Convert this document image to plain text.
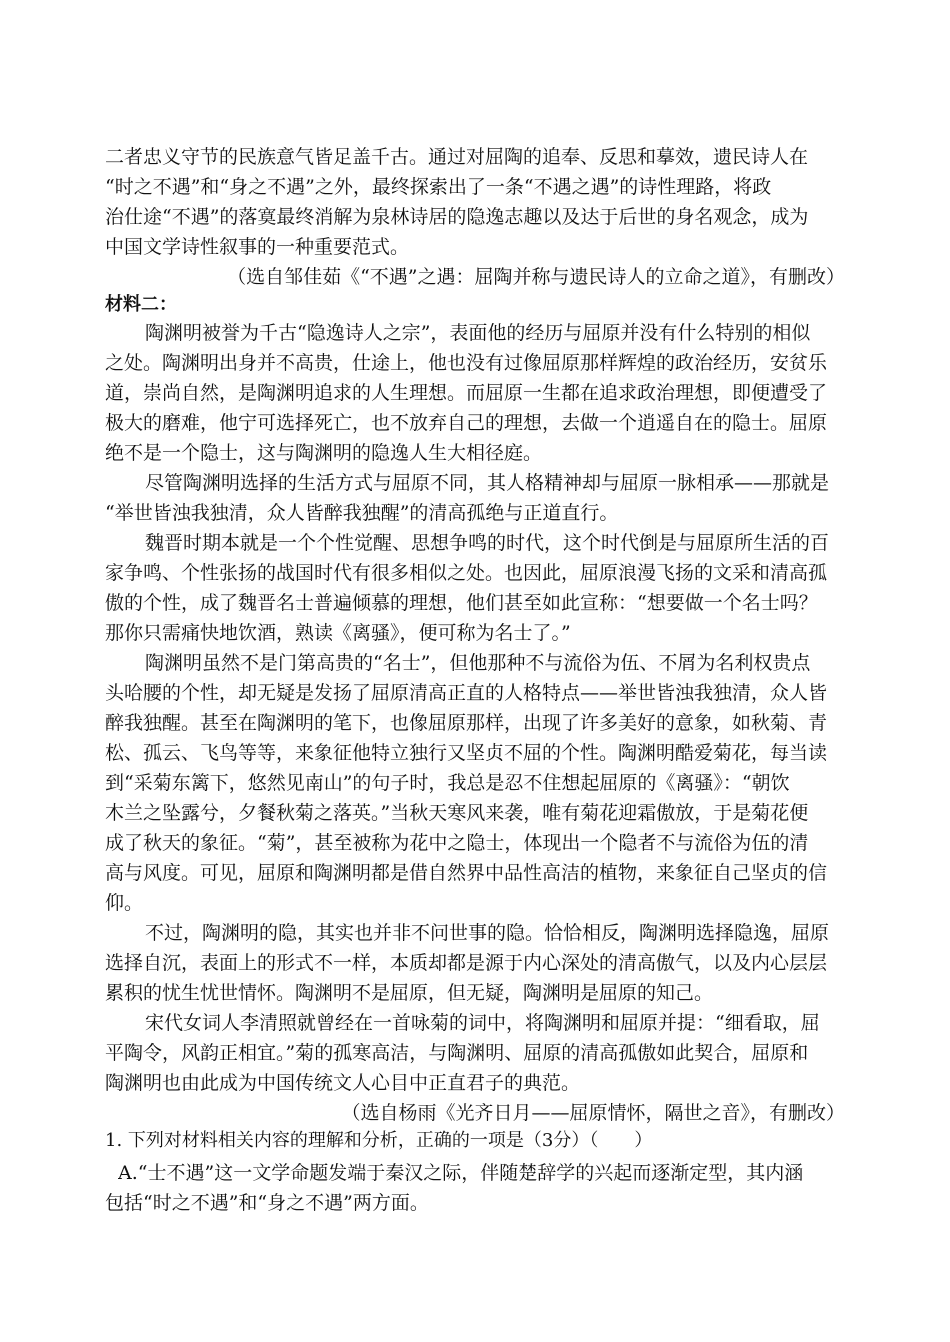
二者忠义守节的民族意气皆足盖千古。通过对屈陶的追奉、反思和摹效，遗民诗人在
“时之不遇”和“身之不遇”之外，最终探索出了一条“不遇之遇”的诗性理路，将政
治仕途“不遇”的落寞最终消解为泉林诗居的隐逸志趣以及达于后世的身名观念，成为
中国文学诗性叙事的一种重要范式。
（选自邹佳茹《“不遇”之遇：屈陶并称与遗民诗人的立命之道》，有删改）
材料二：
陶渊明被誉为千古“隐逸诗人之宗”，表面他的经历与屈原并没有什么特别的相似
之处。陶渊明出身并不高贵，仕途上，他也没有过像屈原那样辉煌的政治经历，安贫乐
道，崇尚自然，是陶渊明追求的人生理想。而屈原一生都在追求政治理想，即便遭受了
极大的磨难，他宁可选择死亡，也不放弃自己的理想，去做一个逍遥自在的隐士。屈原
绝不是一个隐士，这与陶渊明的隐逸人生大相径庭。
尽管陶渊明选择的生活方式与屈原不同，其人格精神却与屈原一脉相承——那就是
“举世皆浊我独清，众人皆醉我独醒”的清高孤绝与正道直行。
魏晋时期本就是一个个性觉醒、思想争鸣的时代，这个时代倒是与屈原所生活的百
家争鸣、个性张扬的战国时代有很多相似之处。也因此，屈原浪漫飞扬的文采和清高孤
傲的个性，成了魏晋名士普遍倾慕的理想，他们甚至如此宣称：“想要做一个名士吗？
那你只需痛快地饮酒，熟读《离骚》，便可称为名士了。”
陶渊明虽然不是门第高贵的“名士”，但他那种不与流俗为伍、不屑为名利权贵点
头哈腰的个性，却无疑是发扬了屈原清高正直的人格特点——举世皆浊我独清，众人皆
醉我独醒。甚至在陶渊明的笔下，也像屈原那样，出现了许多美好的意象，如秋菊、青
松、孤云、飞鸟等等，来象征他特立独行又坚贞不屈的个性。陶渊明酷爱菊花，每当读
到“采菊东篱下，悠然见南山”的句子时，我总是忍不住想起屈原的《离骚》：“朝饮
木兰之坠露兮，夕餐秋菊之落英。”当秋天寒风来袭，唯有菊花迎霜傲放，于是菊花便
成了秋天的象征。“菊”，甚至被称为花中之隐士，体现出一个隐者不与流俗为伍的清
高与风度。可见，屈原和陶渊明都是借自然界中品性高洁的植物，来象征自己坚贞的信
仰。
不过，陶渊明的隐，其实也并非不问世事的隐。恰恰相反，陶渊明选择隐逸，屈原
选择自沉，表面上的形式不一样，本质却都是源于内心深处的清高傲气，以及内心层层
累积的忧生忧世情怀。陶渊明不是屈原，但无疑，陶渊明是屈原的知己。
宋代女词人李清照就曾经在一首咏菊的词中，将陶渊明和屈原并提：“细看取，屈
平陶令，风韵正相宜。”菊的孤寒高洁，与陶渊明、屈原的清高孤傲如此契合，屈原和
陶渊明也由此成为中国传统文人心目中正直君子的典范。
（选自杨雨《光齐日月——屈原情怀，隔世之音》，有删改）
1. 下列对材料相关内容的理解和分析，正确的一项是（3分）（　　）
A.“士不遇”这一文学命题发端于秦汉之际，伴随楚辞学的兴起而逐渐定型，其内涵
包括“时之不遇”和“身之不遇”两方面。
